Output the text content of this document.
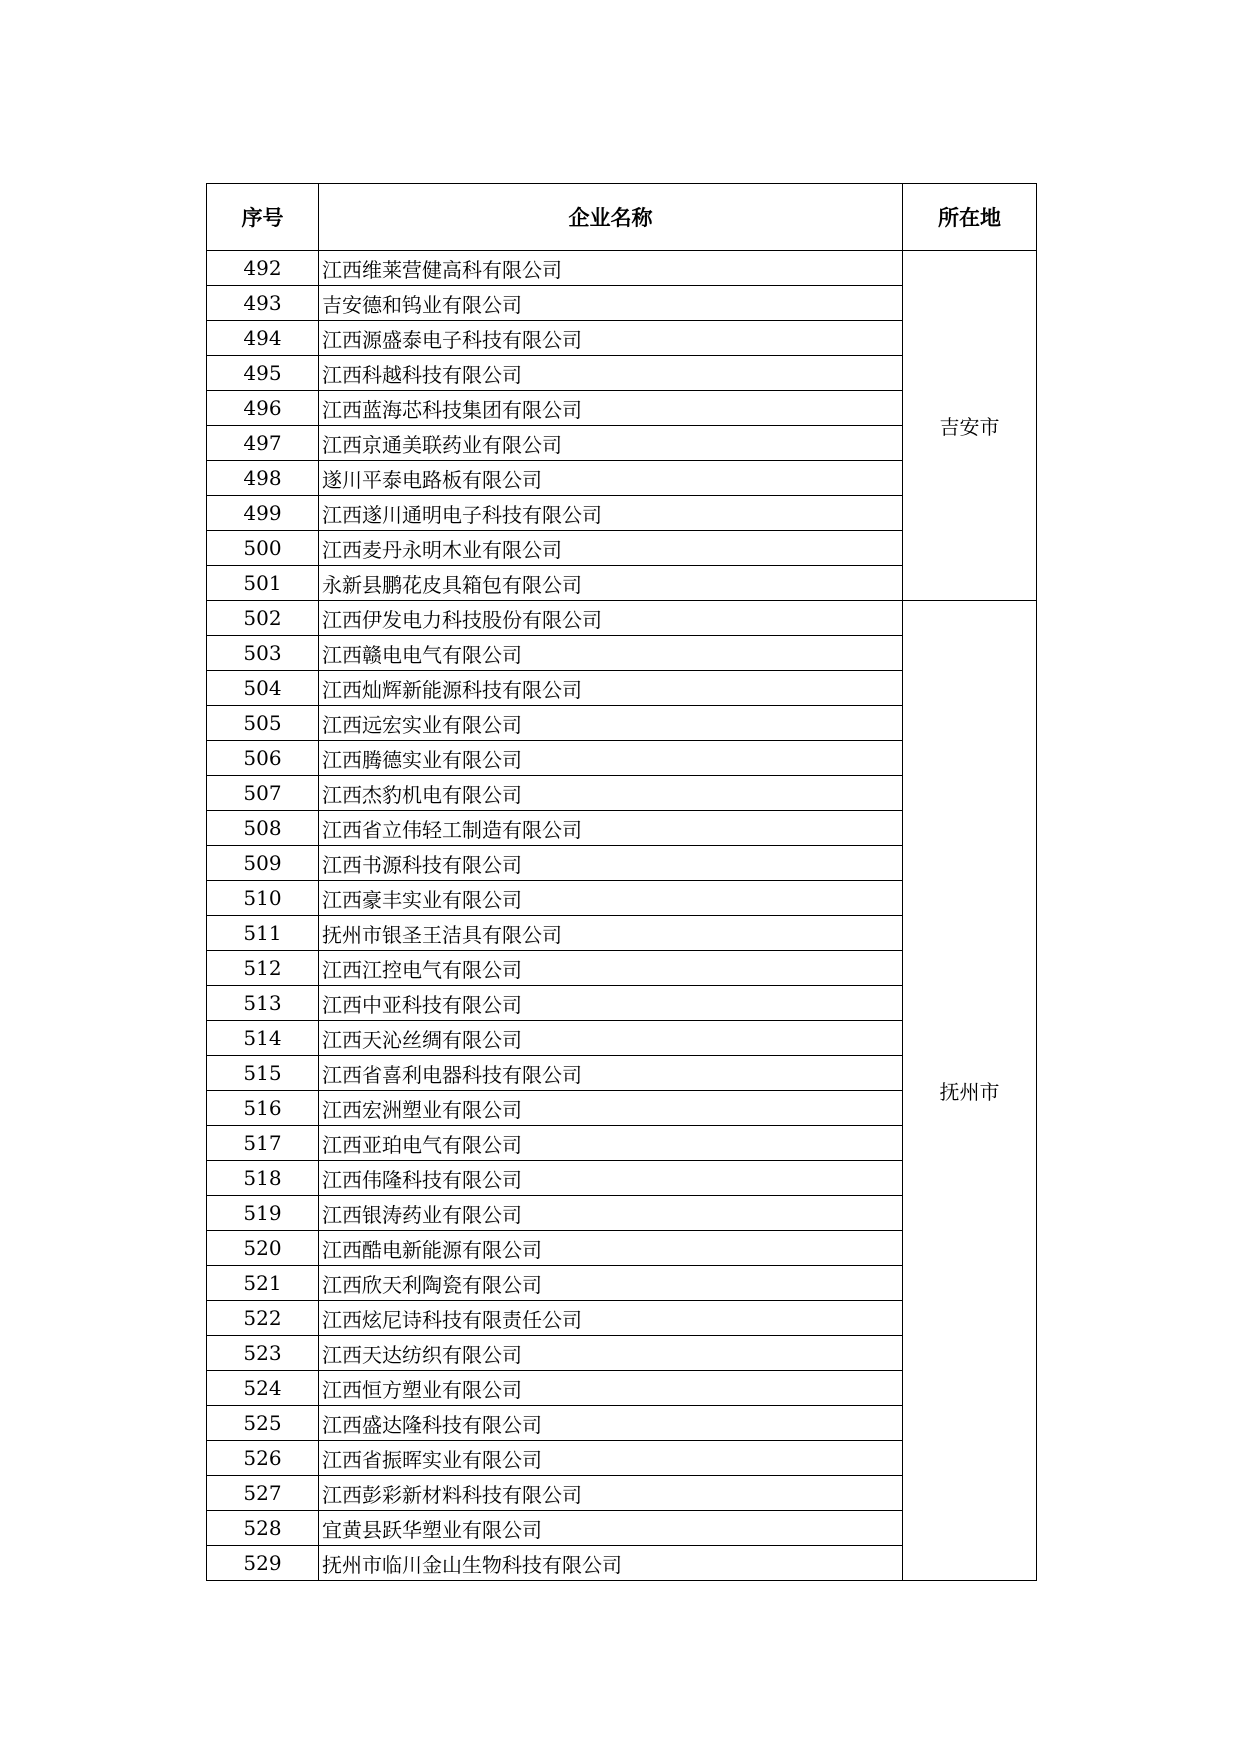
序号	企业名称	所在地
492	江西维莱营健高科有限公司	吉安市
493	吉安德和钨业有限公司	
494	江西源盛泰电子科技有限公司	
495	江西科越科技有限公司	
496	江西蓝海芯科技集团有限公司	
497	江西京通美联药业有限公司	
498	遂川平泰电路板有限公司	
499	江西遂川通明电子科技有限公司	
500	江西麦丹永明木业有限公司	
501	永新县鹏花皮具箱包有限公司	
502	江西伊发电力科技股份有限公司	抚州市
503	江西赣电电气有限公司	
504	江西灿辉新能源科技有限公司	
505	江西远宏实业有限公司	
506	江西腾德实业有限公司	
507	江西杰豹机电有限公司	
508	江西省立伟轻工制造有限公司	
509	江西书源科技有限公司	
510	江西豪丰实业有限公司	
511	抚州市银圣王洁具有限公司	
512	江西江控电气有限公司	
513	江西中亚科技有限公司	
514	江西天沁丝绸有限公司	
515	江西省喜利电器科技有限公司	
516	江西宏洲塑业有限公司	
517	江西亚珀电气有限公司	
518	江西伟隆科技有限公司	
519	江西银涛药业有限公司	
520	江西酷电新能源有限公司	
521	江西欣天利陶瓷有限公司	
522	江西炫尼诗科技有限责任公司	
523	江西天达纺织有限公司	
524	江西恒方塑业有限公司	
525	江西盛达隆科技有限公司	
526	江西省振晖实业有限公司	
527	江西彭彩新材料科技有限公司	
528	宜黄县跃华塑业有限公司	
529	抚州市临川金山生物科技有限公司	
